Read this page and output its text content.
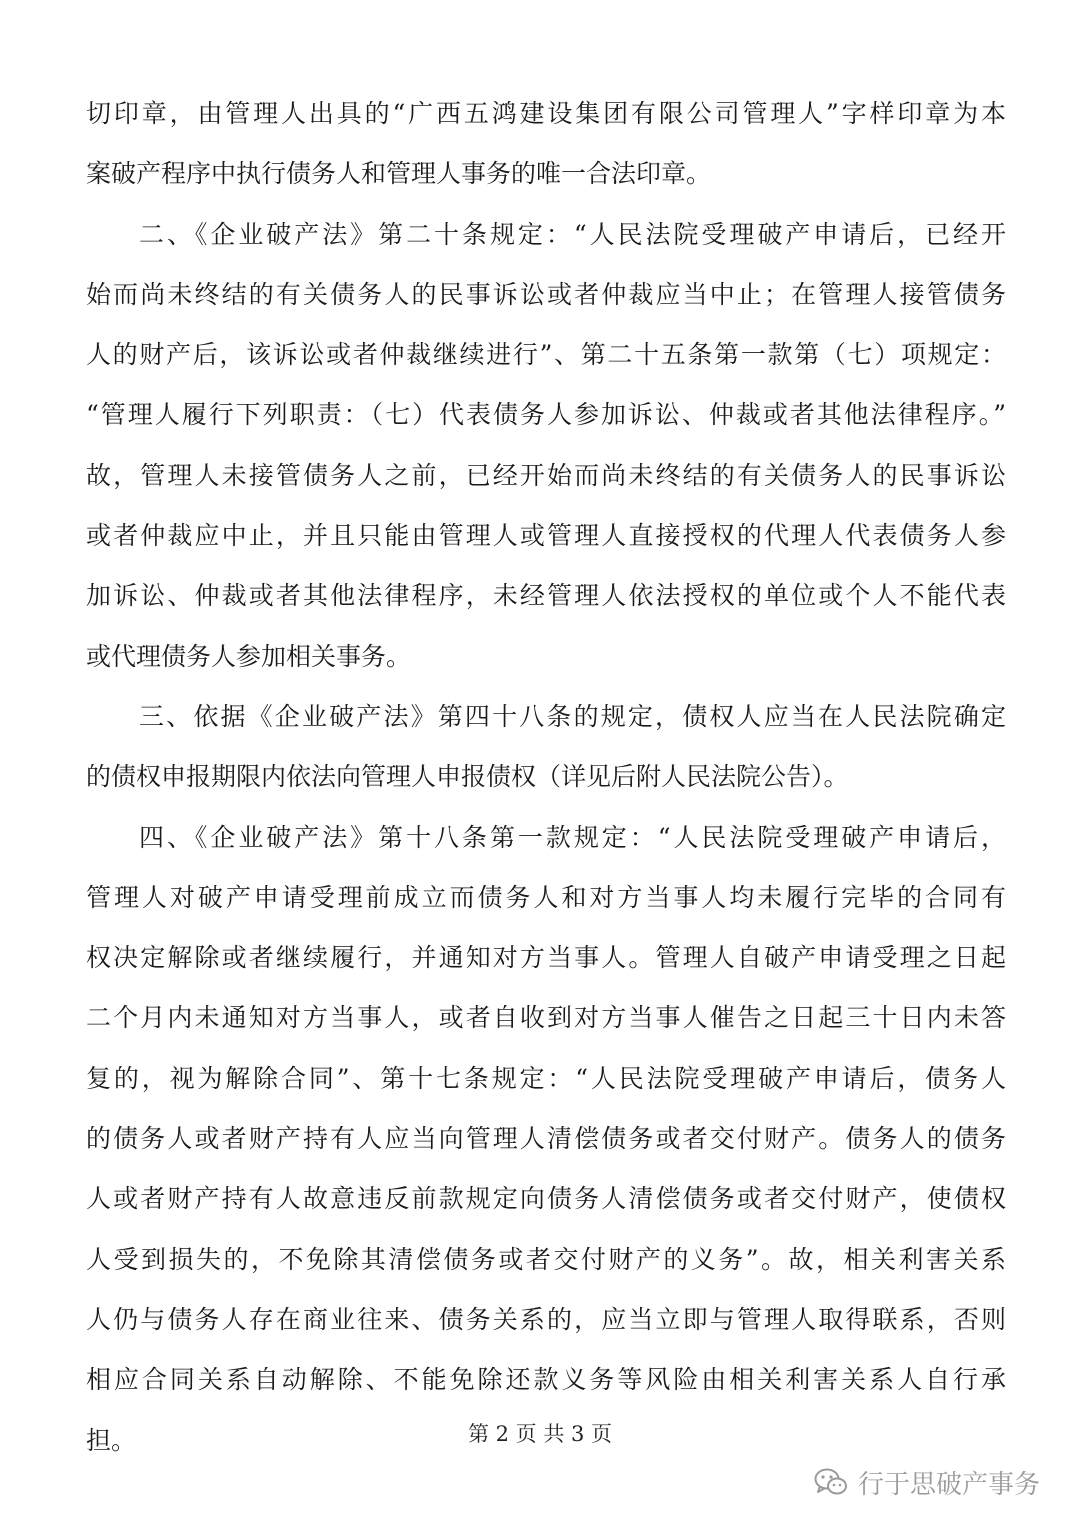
切印章，由管理人出具的“广西五鸿建设集团有限公司管理人”字样印章为本
案破产程序中执行债务人和管理人事务的唯一合法印章。
二、《企业破产法》第二十条规定：“人民法院受理破产申请后，已经开
始而尚未终结的有关债务人的民事诉讼或者仲裁应当中止；在管理人接管债务
人的财产后，该诉讼或者仲裁继续进行”、第二十五条第一款第（七）项规定：
“管理人履行下列职责：（七）代表债务人参加诉讼、仲裁或者其他法律程序。”
故，管理人未接管债务人之前，已经开始而尚未终结的有关债务人的民事诉讼
或者仲裁应中止，并且只能由管理人或管理人直接授权的代理人代表债务人参
加诉讼、仲裁或者其他法律程序，未经管理人依法授权的单位或个人不能代表
或代理债务人参加相关事务。
三、依据《企业破产法》第四十八条的规定，债权人应当在人民法院确定
的债权申报期限内依法向管理人申报债权（详见后附人民法院公告）。
四、《企业破产法》第十八条第一款规定：“人民法院受理破产申请后，
管理人对破产申请受理前成立而债务人和对方当事人均未履行完毕的合同有
权决定解除或者继续履行，并通知对方当事人。管理人自破产申请受理之日起
二个月内未通知对方当事人，或者自收到对方当事人催告之日起三十日内未答
复的，视为解除合同”、第十七条规定：“人民法院受理破产申请后，债务人
的债务人或者财产持有人应当向管理人清偿债务或者交付财产。债务人的债务
人或者财产持有人故意违反前款规定向债务人清偿债务或者交付财产，使债权
人受到损失的，不免除其清偿债务或者交付财产的义务”。故，相关利害关系
人仍与债务人存在商业往来、债务关系的，应当立即与管理人取得联系，否则
相应合同关系自动解除、不能免除还款义务等风险由相关利害关系人自行承
担。	第 2 页 共 3 页
行于思破产事务
